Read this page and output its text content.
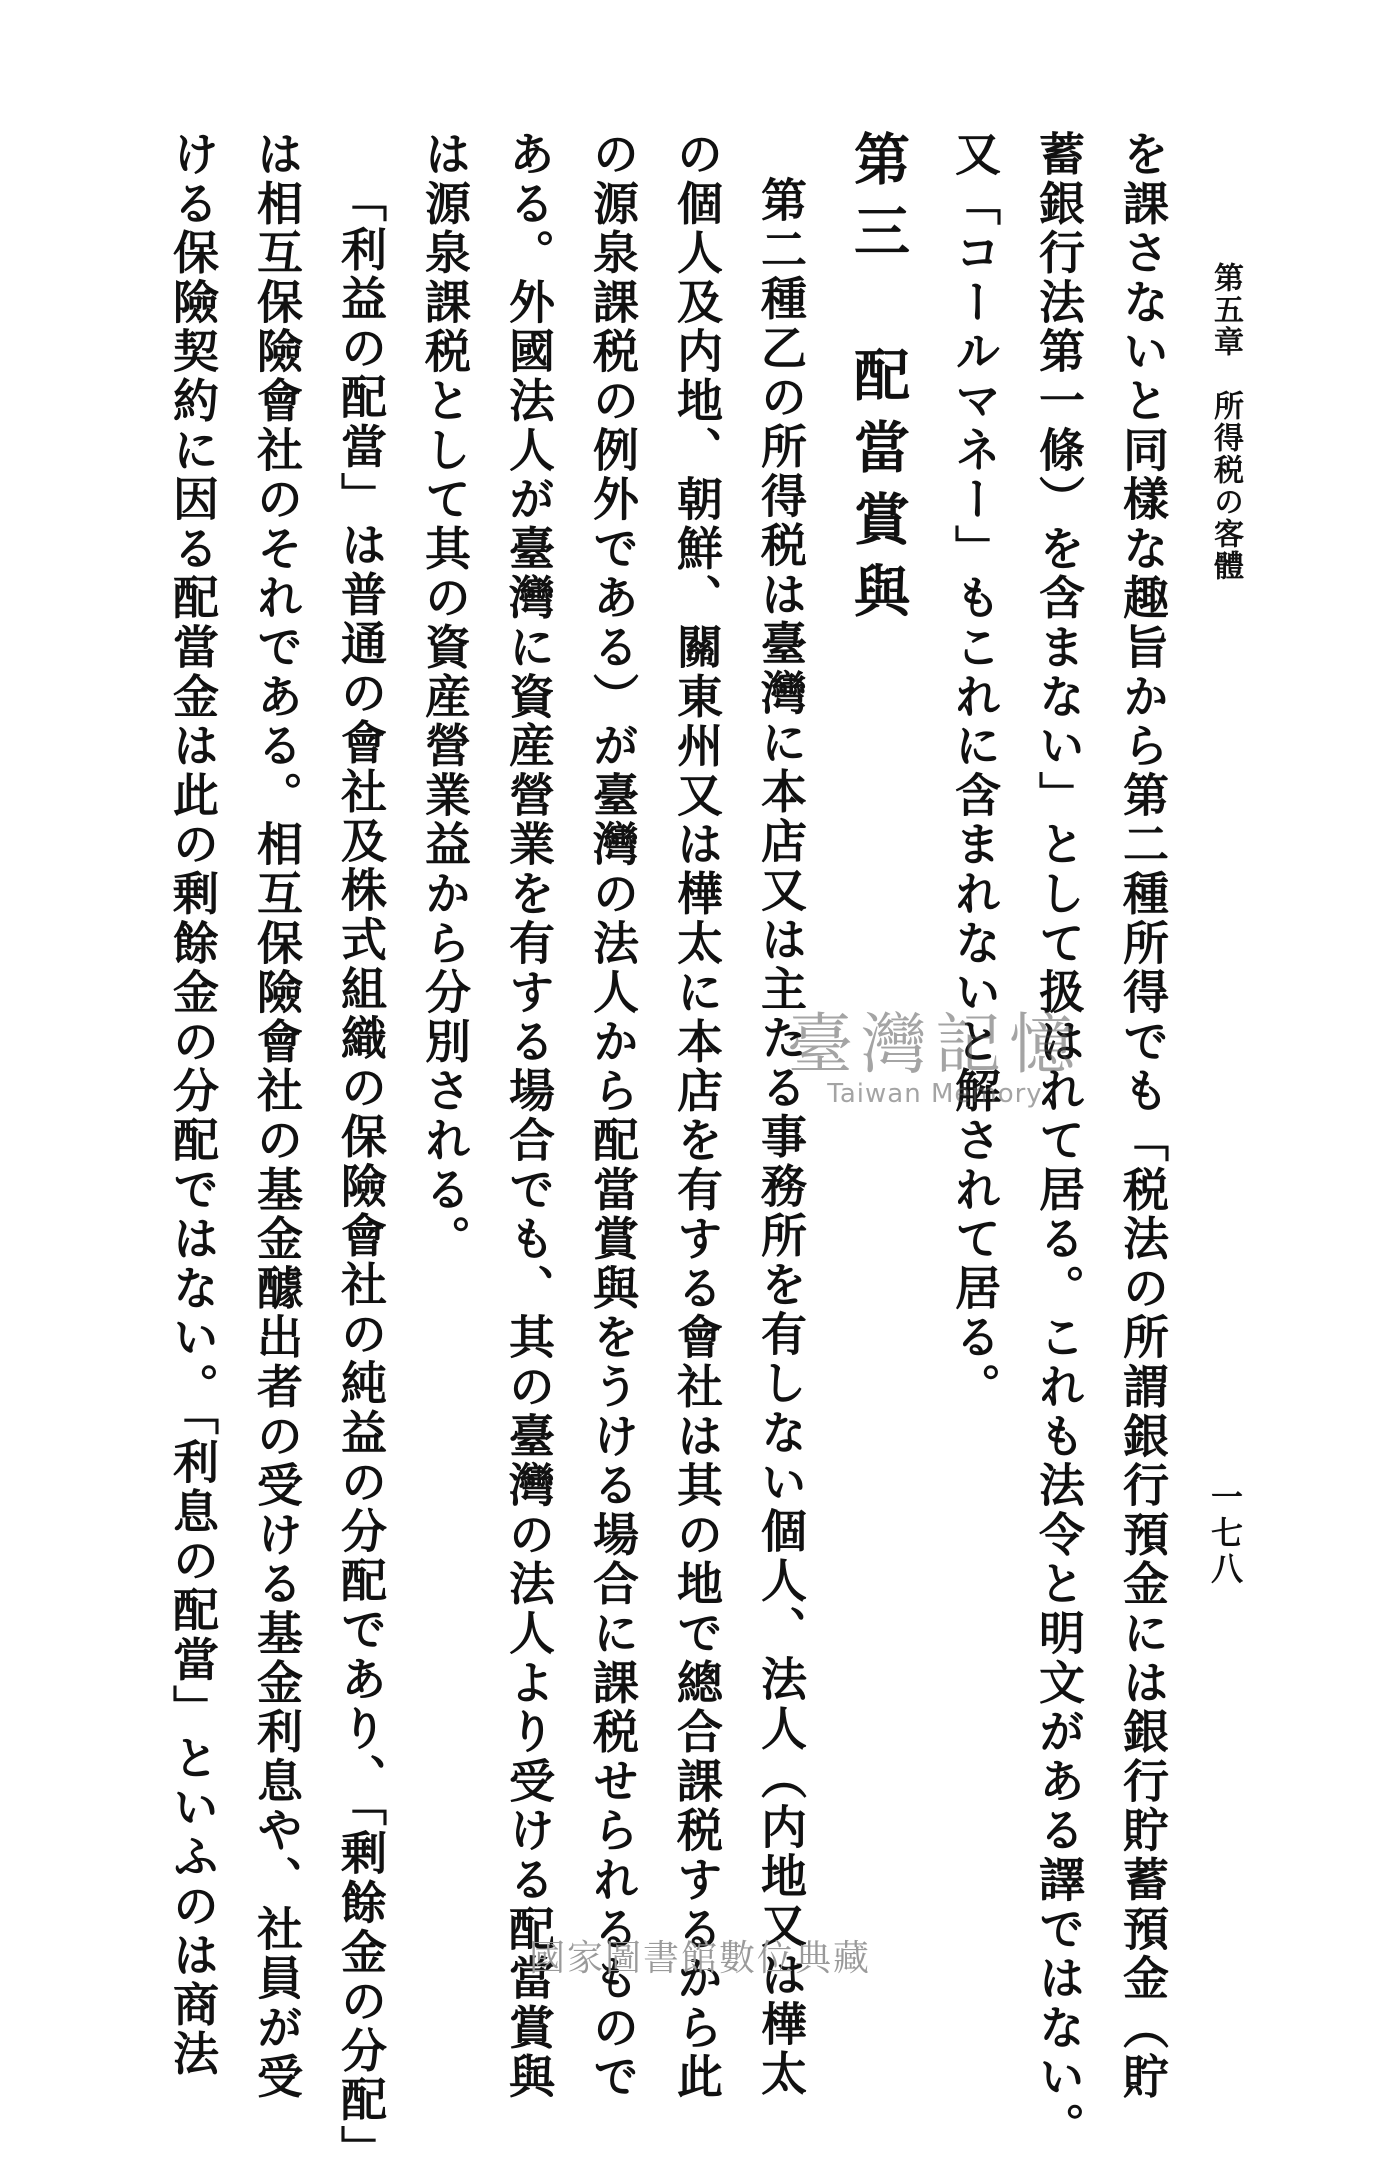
第五章　所得税の客體
一七八
を課さないと同樣な趣旨から第二種所得でも「税法の所謂銀行預金には銀行貯蓄預金（貯
蓄銀行法第一條）を含まない」として扱はれて居る。これも法令と明文がある譯ではない。
又「コールマネー」もこれに含まれないと解されて居る。
第三　配當賞與
第二種乙の所得税は臺灣に本店又は主たる事務所を有しない個人、法人（内地又は樺太
の個人及内地、朝鮮、關東州又は樺太に本店を有する會社は其の地で總合課税するから此
の源泉課税の例外である）が臺灣の法人から配當賞與をうける場合に課税せられるもので
ある。外國法人が臺灣に資産營業を有する場合でも、其の臺灣の法人より受ける配當賞與
は源泉課税として其の資産營業益から分別される。
「利益の配當」は普通の會社及株式組織の保險會社の純益の分配であり、「剰餘金の分配」
は相互保險會社のそれである。相互保險會社の基金醵出者の受ける基金利息や、社員が受
ける保險契約に因る配當金は此の剰餘金の分配ではない。「利息の配當」といふのは商法	臺灣記憶
Taiwan Memory
國家圖書館數位典藏
